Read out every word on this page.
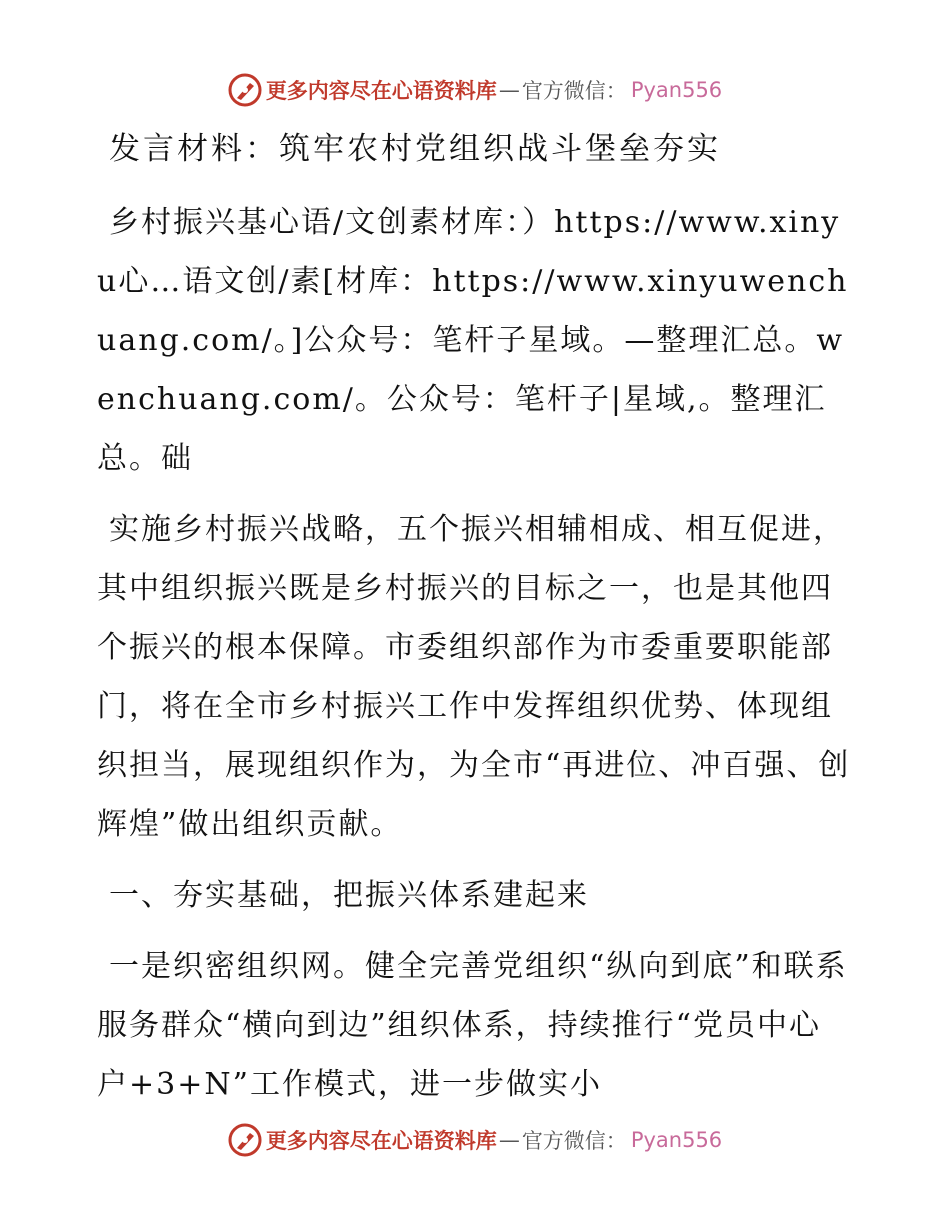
更多内容尽在心语资料库 — 官方微信： Pyan556

发言材料：筑牢农村党组织战斗堡垒夯实

乡村振兴基心语/文创素材库：）https://www.xinyu心…语文创/素[材库：https://www.xinyuwenchuang.com/。]公众号：笔杆子星域。—整理汇总。wenchuang.com/。公众号：笔杆子|星域,。整理汇总。础

实施乡村振兴战略，五个振兴相辅相成、相互促进，其中组织振兴既是乡村振兴的目标之一，也是其他四个振兴的根本保障。市委组织部作为市委重要职能部门，将在全市乡村振兴工作中发挥组织优势、体现组织担当，展现组织作为，为全市“再进位、冲百强、创辉煌”做出组织贡献。

一、夯实基础，把振兴体系建起来

一是织密组织网。健全完善党组织“纵向到底”和联系服务群众“横向到边”组织体系，持续推行“党员中心户+3+N”工作模式，进一步做实小

更多内容尽在心语资料库 — 官方微信： Pyan556
